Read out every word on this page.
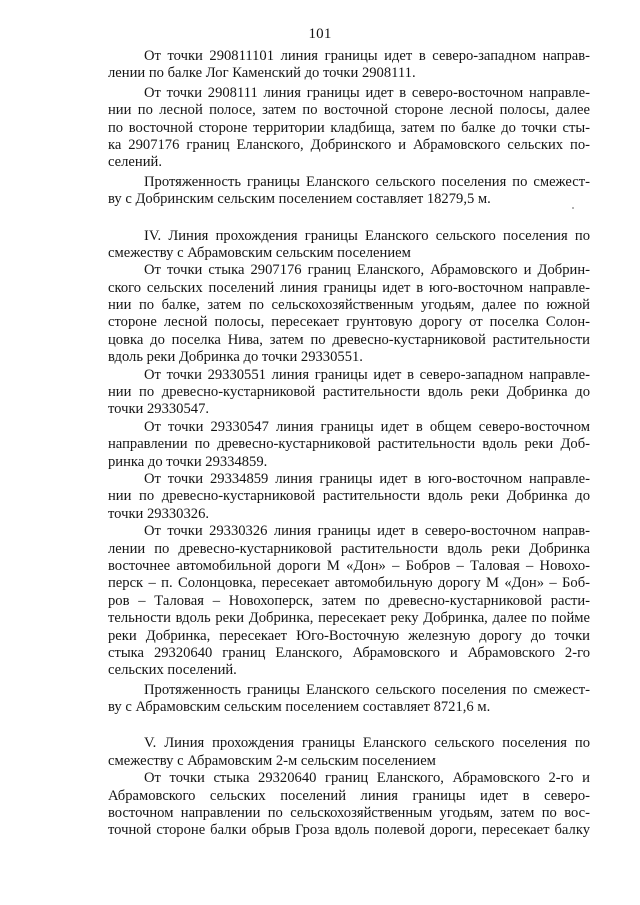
101
От точки 290811101 линия границы идет в северо-западном направ-
лении по балке Лог Каменский до точки 2908111.
От точки 2908111 линия границы идет в северо-восточном направле-
нии по лесной полосе, затем по восточной стороне лесной полосы, далее
по восточной стороне территории кладбища, затем по балке до точки сты-
ка 2907176 границ Еланского, Добринского и Абрамовского сельских по-
селений.
Протяженность границы Еланского сельского поселения по смежест-
ву с Добринским сельским поселением составляет 18279,5 м.
IV. Линия прохождения границы Еланского сельского поселения по
смежеству с Абрамовским сельским поселением
От точки стыка 2907176 границ Еланского, Абрамовского и Добрин-
ского сельских поселений линия границы идет в юго-восточном направле-
нии по балке, затем по сельскохозяйственным угодьям, далее по южной
стороне лесной полосы, пересекает грунтовую дорогу от поселка Солон-
цовка до поселка Нива, затем по древесно-кустарниковой растительности
вдоль реки Добринка до точки 29330551.
От точки 29330551 линия границы идет в северо-западном направле-
нии по древесно-кустарниковой растительности вдоль реки Добринка до
точки 29330547.
От точки 29330547 линия границы идет в общем северо-восточном
направлении по древесно-кустарниковой растительности вдоль реки Доб-
ринка до точки 29334859.
От точки 29334859 линия границы идет в юго-восточном направле-
нии по древесно-кустарниковой растительности вдоль реки Добринка до
точки 29330326.
От точки 29330326 линия границы идет в северо-восточном направ-
лении по древесно-кустарниковой растительности вдоль реки Добринка
восточнее автомобильной дороги М «Дон» – Бобров – Таловая – Новохо-
перск – п. Солонцовка, пересекает автомобильную дорогу М «Дон» – Боб-
ров – Таловая – Новохоперск, затем по древесно-кустарниковой расти-
тельности вдоль реки Добринка, пересекает реку Добринка, далее по пойме
реки Добринка, пересекает Юго-Восточную железную дорогу до точки
стыка 29320640 границ Еланского, Абрамовского и Абрамовского 2-го
сельских поселений.
Протяженность границы Еланского сельского поселения по смежест-
ву с Абрамовским сельским поселением составляет 8721,6 м.
V. Линия прохождения границы Еланского сельского поселения по
смежеству с Абрамовским 2-м сельским поселением
От точки стыка 29320640 границ Еланского, Абрамовского 2-го и
Абрамовского сельских поселений линия границы идет в северо-
восточном направлении по сельскохозяйственным угодьям, затем по вос-
точной стороне балки обрыв Гроза вдоль полевой дороги, пересекает балку
